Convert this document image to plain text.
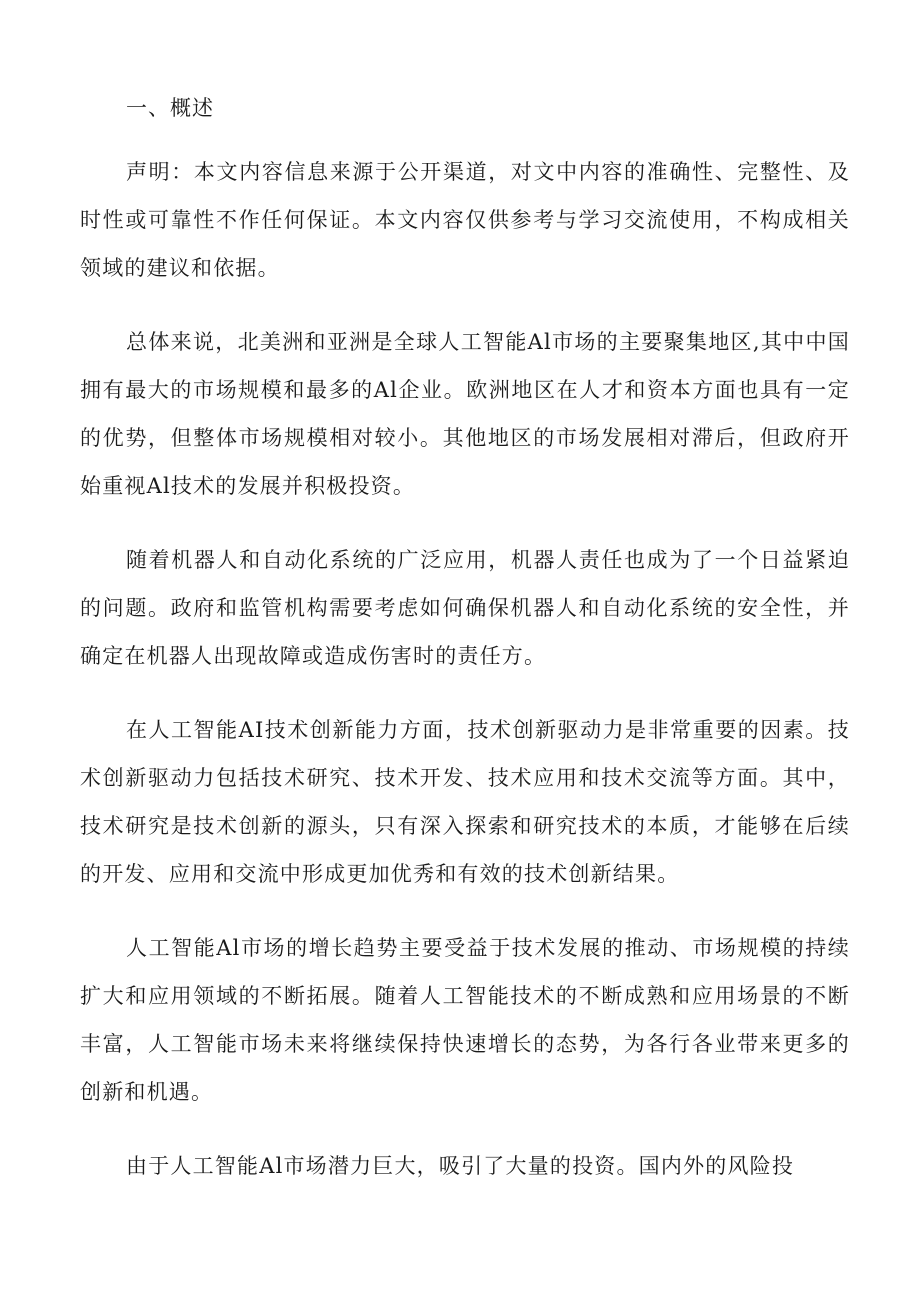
一、概述

声明：本文内容信息来源于公开渠道，对文中内容的准确性、完整性、及时性或可靠性不作任何保证。本文内容仅供参考与学习交流使用，不构成相关领域的建议和依据。

总体来说，北美洲和亚洲是全球人工智能Al市场的主要聚集地区,其中中国拥有最大的市场规模和最多的Al企业。欧洲地区在人才和资本方面也具有一定的优势，但整体市场规模相对较小。其他地区的市场发展相对滞后，但政府开始重视Al技术的发展并积极投资。

随着机器人和自动化系统的广泛应用，机器人责任也成为了一个日益紧迫的问题。政府和监管机构需要考虑如何确保机器人和自动化系统的安全性，并确定在机器人出现故障或造成伤害时的责任方。

在人工智能AI技术创新能力方面，技术创新驱动力是非常重要的因素。技术创新驱动力包括技术研究、技术开发、技术应用和技术交流等方面。其中，技术研究是技术创新的源头，只有深入探索和研究技术的本质，才能够在后续的开发、应用和交流中形成更加优秀和有效的技术创新结果。

人工智能Al市场的增长趋势主要受益于技术发展的推动、市场规模的持续扩大和应用领域的不断拓展。随着人工智能技术的不断成熟和应用场景的不断丰富，人工智能市场未来将继续保持快速增长的态势，为各行各业带来更多的创新和机遇。

由于人工智能Al市场潜力巨大，吸引了大量的投资。国内外的风险投
